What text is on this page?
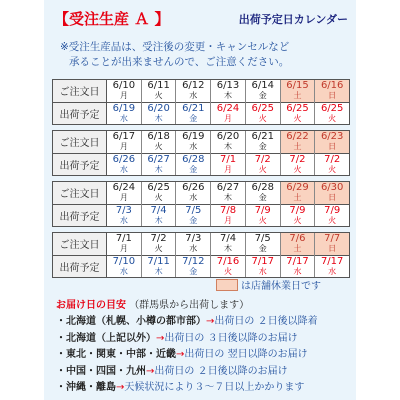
【受注生産 Ａ 】	出荷予定日カレンダー
※受注生産品は、受注後の変更・キャンセルなど
承ることが出来ませんので、ご注意ください。
ご注文日
出荷予定
6/10
月
6/19
水
6/11
火
6/20
木
6/12
水
6/21
金
6/13
木
6/24
月
6/14
金
6/25
火
6/15
土
6/25
火
6/16
日
6/25
火
ご注文日
出荷予定
6/17
月
6/26
水
6/18
火
6/27
木
6/19
水
6/28
金
6/20
木
7/1
月
6/21
金
7/2
火
6/22
土
7/2
火
6/23
日
7/2
火
ご注文日
出荷予定
6/24
月
7/3
水
6/25
火
7/4
木
6/26
水
7/5
金
6/27
木
7/8
月
6/28
金
7/9
火
6/29
土
7/9
火
6/30
日
7/9
火
ご注文日
出荷予定
7/1
月
7/10
水
7/2
火
7/11
木
7/3
水
7/12
金
7/4
木
7/16
火
7/5
金
7/17
水
7/6
土
7/17
水
7/7
日
7/17
水
は店舗休業日です
お届け日の目安 （群馬県から出荷します）
・北海道（札幌、小樽の都市部）→出荷日の ２日後以降着
・北海道（上記以外）→出荷日の ３日後以降のお届け
・東北・関東・中部・近畿→出荷日の 翌日以降のお届け
・中国・四国・九州→出荷日の ２日後以降のお届け
・沖縄・離島→天候状況により３～７日以上かかります
